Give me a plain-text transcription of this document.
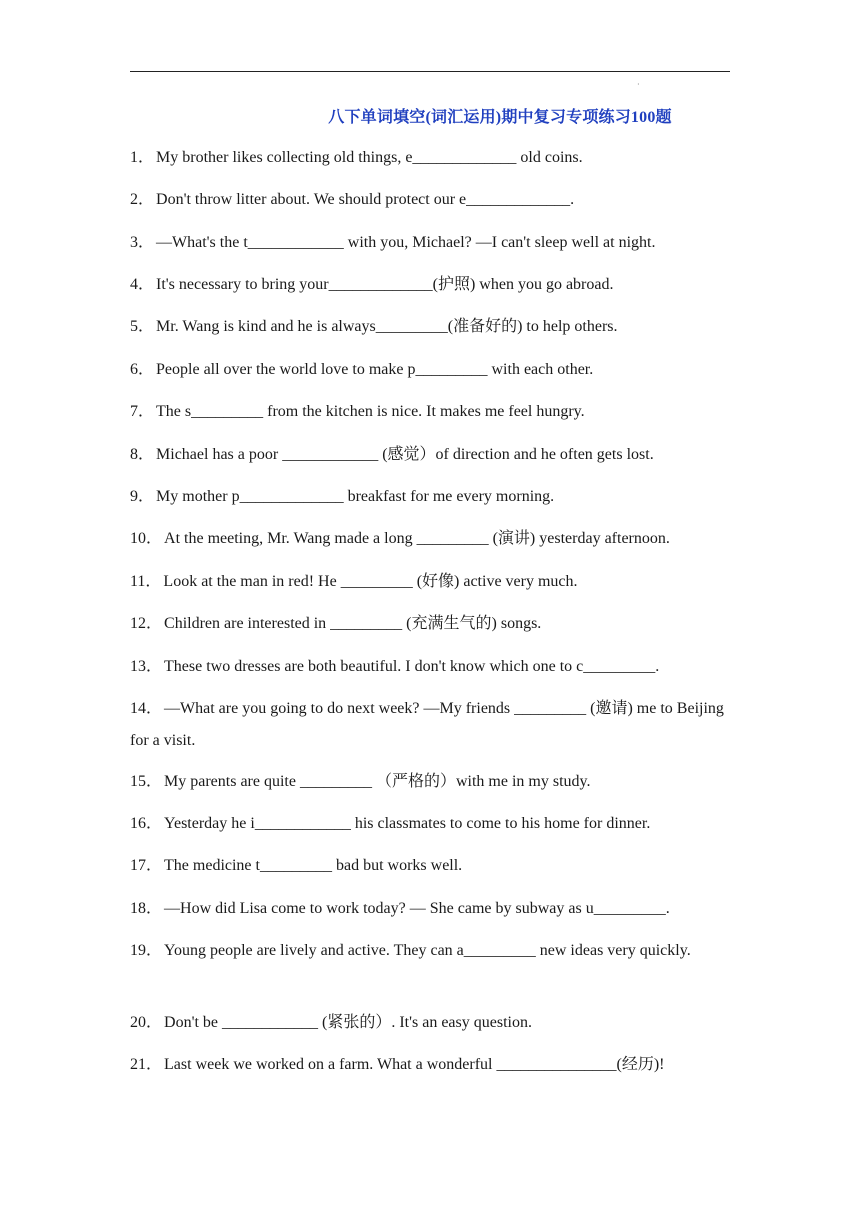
·
八下单词填空(词汇运用)期中复习专项练习100题
1． My brother likes collecting old things, e_____________ old coins.
2． Don't throw litter about. We should protect our e_____________.
3． —What's the t____________ with you, Michael? —I can't sleep well at night.
4． It's necessary to bring your_____________(护照) when you go abroad.
5． Mr. Wang is kind and he is always_________(准备好的) to help others.
6． People all over the world love to make p_________ with each other.
7． The s_________ from the kitchen is nice. It makes me feel hungry.
8． Michael has a poor ____________ (感觉）of direction and he often gets lost.
9． My mother p_____________ breakfast for me every morning.
10． At the meeting, Mr. Wang made a long _________ (演讲) yesterday afternoon.
11． Look at the man in red! He _________ (好像) active very much.
12． Children are interested in _________ (充满生气的) songs.
13． These two dresses are both beautiful. I don't know which one to c_________.
14． —What are you going to do next week? —My friends _________ (邀请) me to Beijing for a visit.
15． My parents are quite _________ （严格的）with me in my study.
16． Yesterday he i____________ his classmates to come to his home for dinner.
17． The medicine t_________ bad but works well.
18． —How did Lisa come to work today? — She came by subway as u_________.
19． Young people are lively and active. They can a_________ new ideas very quickly.
20． Don't be ____________ (紧张的）. It's an easy question.
21． Last week we worked on a farm. What a wonderful _______________(经历)!
